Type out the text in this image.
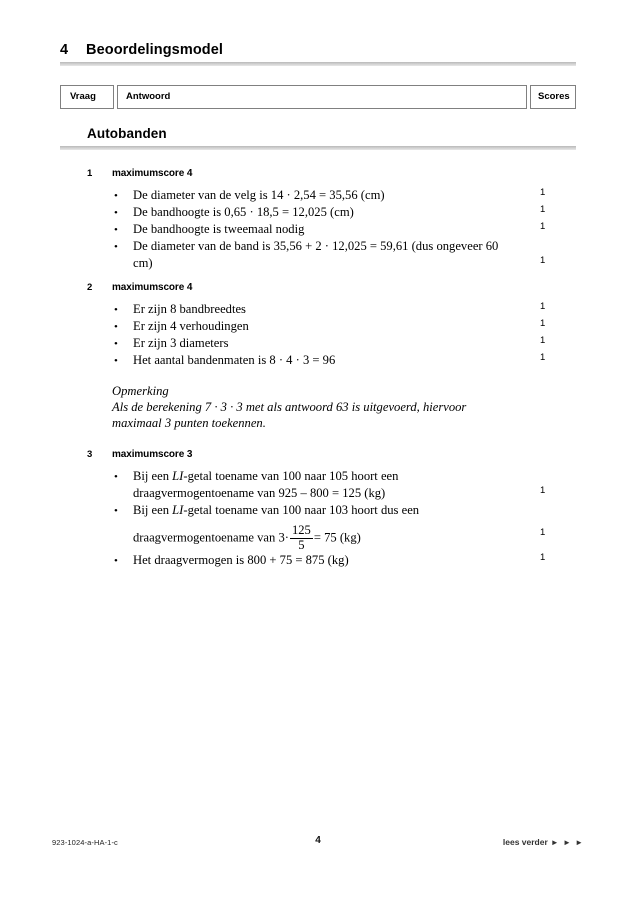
4 Beoordelingsmodel
Vraag	Antwoord	Scores
Autobanden
1 maximumscore 4
• De diameter van de velg is 14 · 2,54 = 35,56 (cm)	1
• De bandhoogte is 0,65 · 18,5 = 12,025 (cm)	1
• De bandhoogte is tweemaal nodig	1
• De diameter van de band is 35,56 + 2 · 12,025 = 59,61 (dus ongeveer 60 cm)	1
2 maximumscore 4
• Er zijn 8 bandbreedtes	1
• Er zijn 4 verhoudingen	1
• Er zijn 3 diameters	1
• Het aantal bandenmaten is 8 · 4 · 3 = 96	1
Opmerking
Als de berekening 7 · 3 · 3 met als antwoord 63 is uitgevoerd, hiervoor
maximaal 3 punten toekennen.
3 maximumscore 3
• Bij een LI-getal toename van 100 naar 105 hoort een
draagvermogentoename van 925 – 800 = 125 (kg)	1
• Bij een LI-getal toename van 100 naar 103 hoort dus een
draagvermogentoename van $3\cdot \frac{125}{5} = 75$ (kg)	1
• Het draagvermogen is 800 + 75 = 875 (kg)	1
923-1024-a-HA-1-c	4	lees verder ► ► ►
